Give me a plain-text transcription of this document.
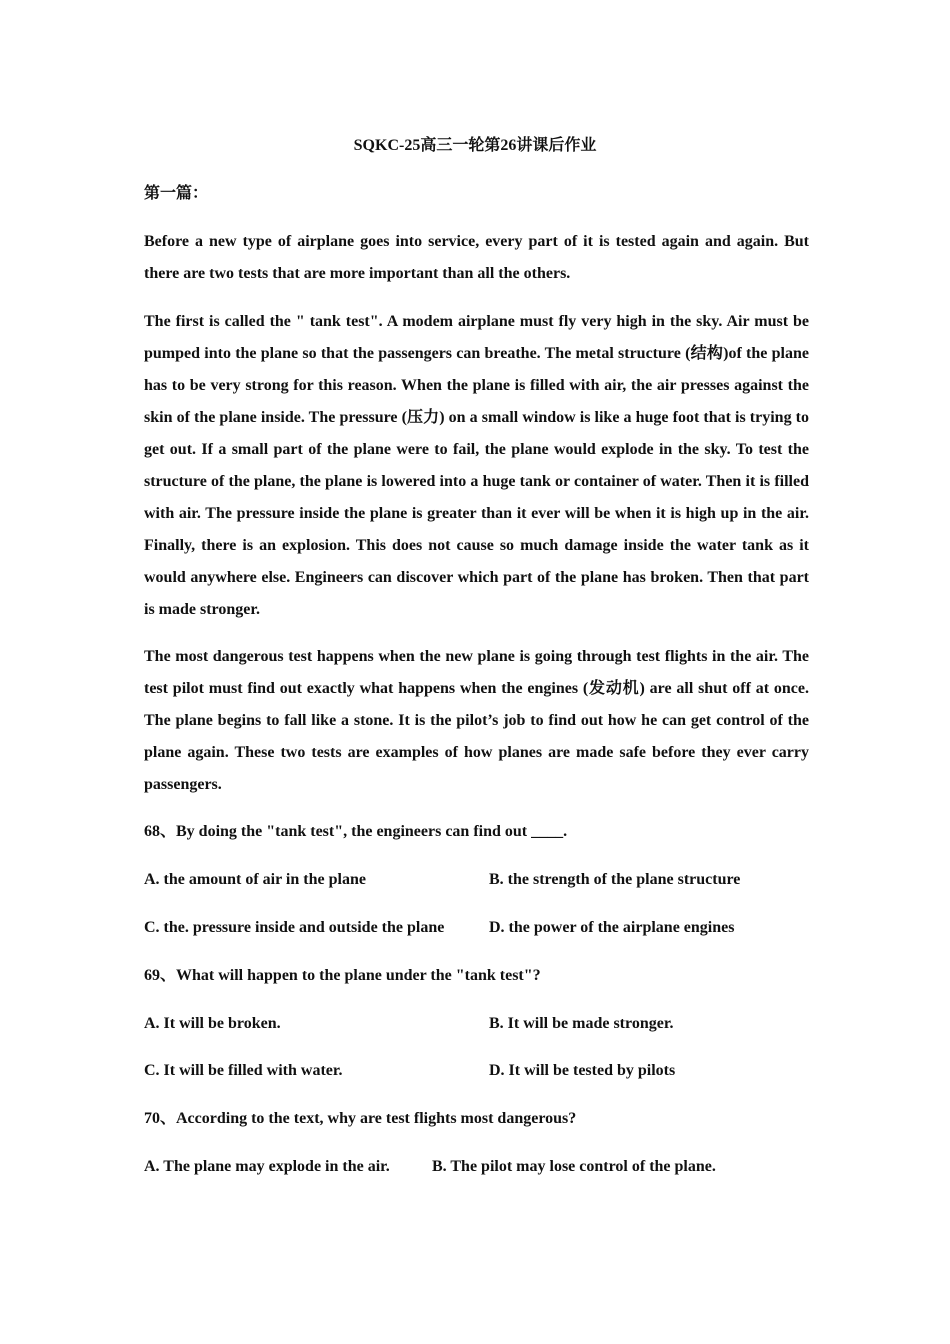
SQKC-25高三一轮第26讲课后作业
第一篇：

Before a new type of airplane goes into service, every part of it is tested again and again. But there are two tests that are more important than all the others.

The first is called the " tank test". A modem airplane must fly very high in the sky. Air must be pumped into the plane so that the passengers can breathe. The metal structure (结构)of the plane has to be very strong for this reason. When the plane is filled with air, the air presses against the skin of the plane inside. The pressure (压力) on a small window is like a huge foot that is trying to get out. If a small part of the plane were to fail, the plane would explode in the sky. To test the structure of the plane, the plane is lowered into a huge tank or container of water. Then it is filled with air. The pressure inside the plane is greater than it ever will be when it is high up in the air. Finally, there is an explosion. This does not cause so much damage inside the water tank as it would anywhere else. Engineers can discover which part of the plane has broken. Then that part is made stronger.

The most dangerous test happens when the new plane is going through test flights in the air. The test pilot must find out exactly what happens when the engines (发动机) are all shut off at once. The plane begins to fall like a stone. It is the pilot’s job to find out how he can get control of the plane again. These two tests are examples of how planes are made safe before they ever carry passengers.

68、By doing the "tank test", the engineers can find out ____.
A. the amount of air in the plane	B. the strength of the plane structure
C. the. pressure inside and outside the plane	D. the power of the airplane engines
69、What will happen to the plane under the "tank test"?
A. It will be broken.	B. It will be made stronger.
C. It will be filled with water.	D. It will be tested by pilots
70、According to the text, why are test flights most dangerous?
A. The plane may explode in the air.	B. The pilot may lose control of the plane.
